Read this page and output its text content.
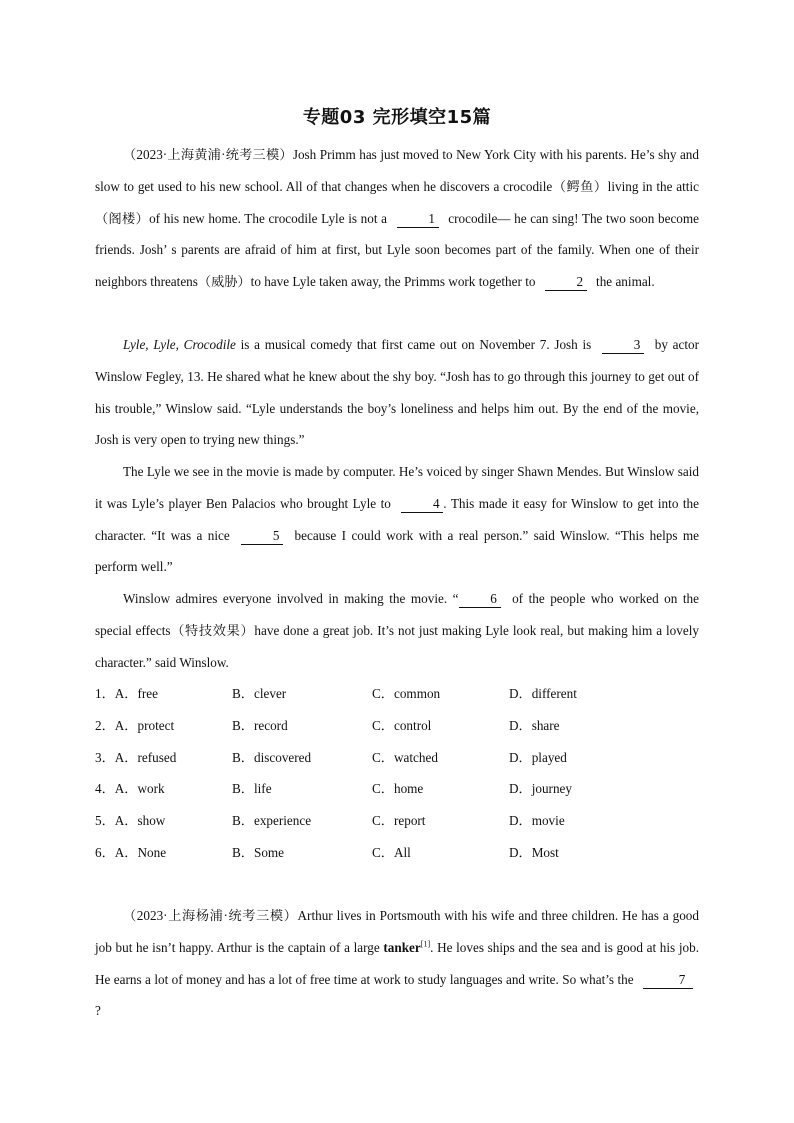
专题03 完形填空15篇
（2023·上海黄浦·统考三模）Josh Primm has just moved to New York City with his parents. He’s shy and slow to get used to his new school. All of that changes when he discovers a crocodile（鳄鱼）living in the attic（阁楼）of his new home. The crocodile Lyle is not a	1 crocodile— he can sing! The two soon become friends. Josh’ s parents are afraid of him at first, but Lyle soon becomes part of the family. When one of their neighbors threatens（威胁）to have Lyle taken away, the Primms work together to	2 the animal.
Lyle, Lyle, Crocodile is a musical comedy that first came out on November 7. Josh is	3 by actor Winslow Fegley, 13. He shared what he knew about the shy boy. “Josh has to go through this journey to get out of his trouble,” Winslow said. “Lyle understands the boy’s loneliness and helps him out. By the end of the movie, Josh is very open to trying new things.”
The Lyle we see in the movie is made by computer. He’s voiced by singer Shawn Mendes. But Winslow said it was Lyle’s player Ben Palacios who brought Lyle to	4 . This made it easy for Winslow to get into the character. “It was a nice	5 because I could work with a real person.” said Winslow. “This helps me perform well.”
Winslow admires everyone involved in making the movie. “ 6 of the people who worked on the special effects（特技效果）have done a great job. It’s not just making Lyle look real, but making him a lovely character.” said Winslow.
1．A．free	B．clever	C．common	D．different
2．A．protect	B．record	C．control	D．share
3．A．refused	B．discovered	C．watched	D．played
4．A．work	B．life	C．home	D．journey
5．A．show	B．experience	C．report	D．movie
6．A．None	B．Some	C．All	D．Most
（2023·上海杨浦·统考三模）Arthur lives in Portsmouth with his wife and three children. He has a good job but he isn’t happy. Arthur is the captain of a large tanker[1]. He loves ships and the sea and is good at his job. He earns a lot of money and has a lot of free time at work to study languages and write. So what’s the	7 ?
